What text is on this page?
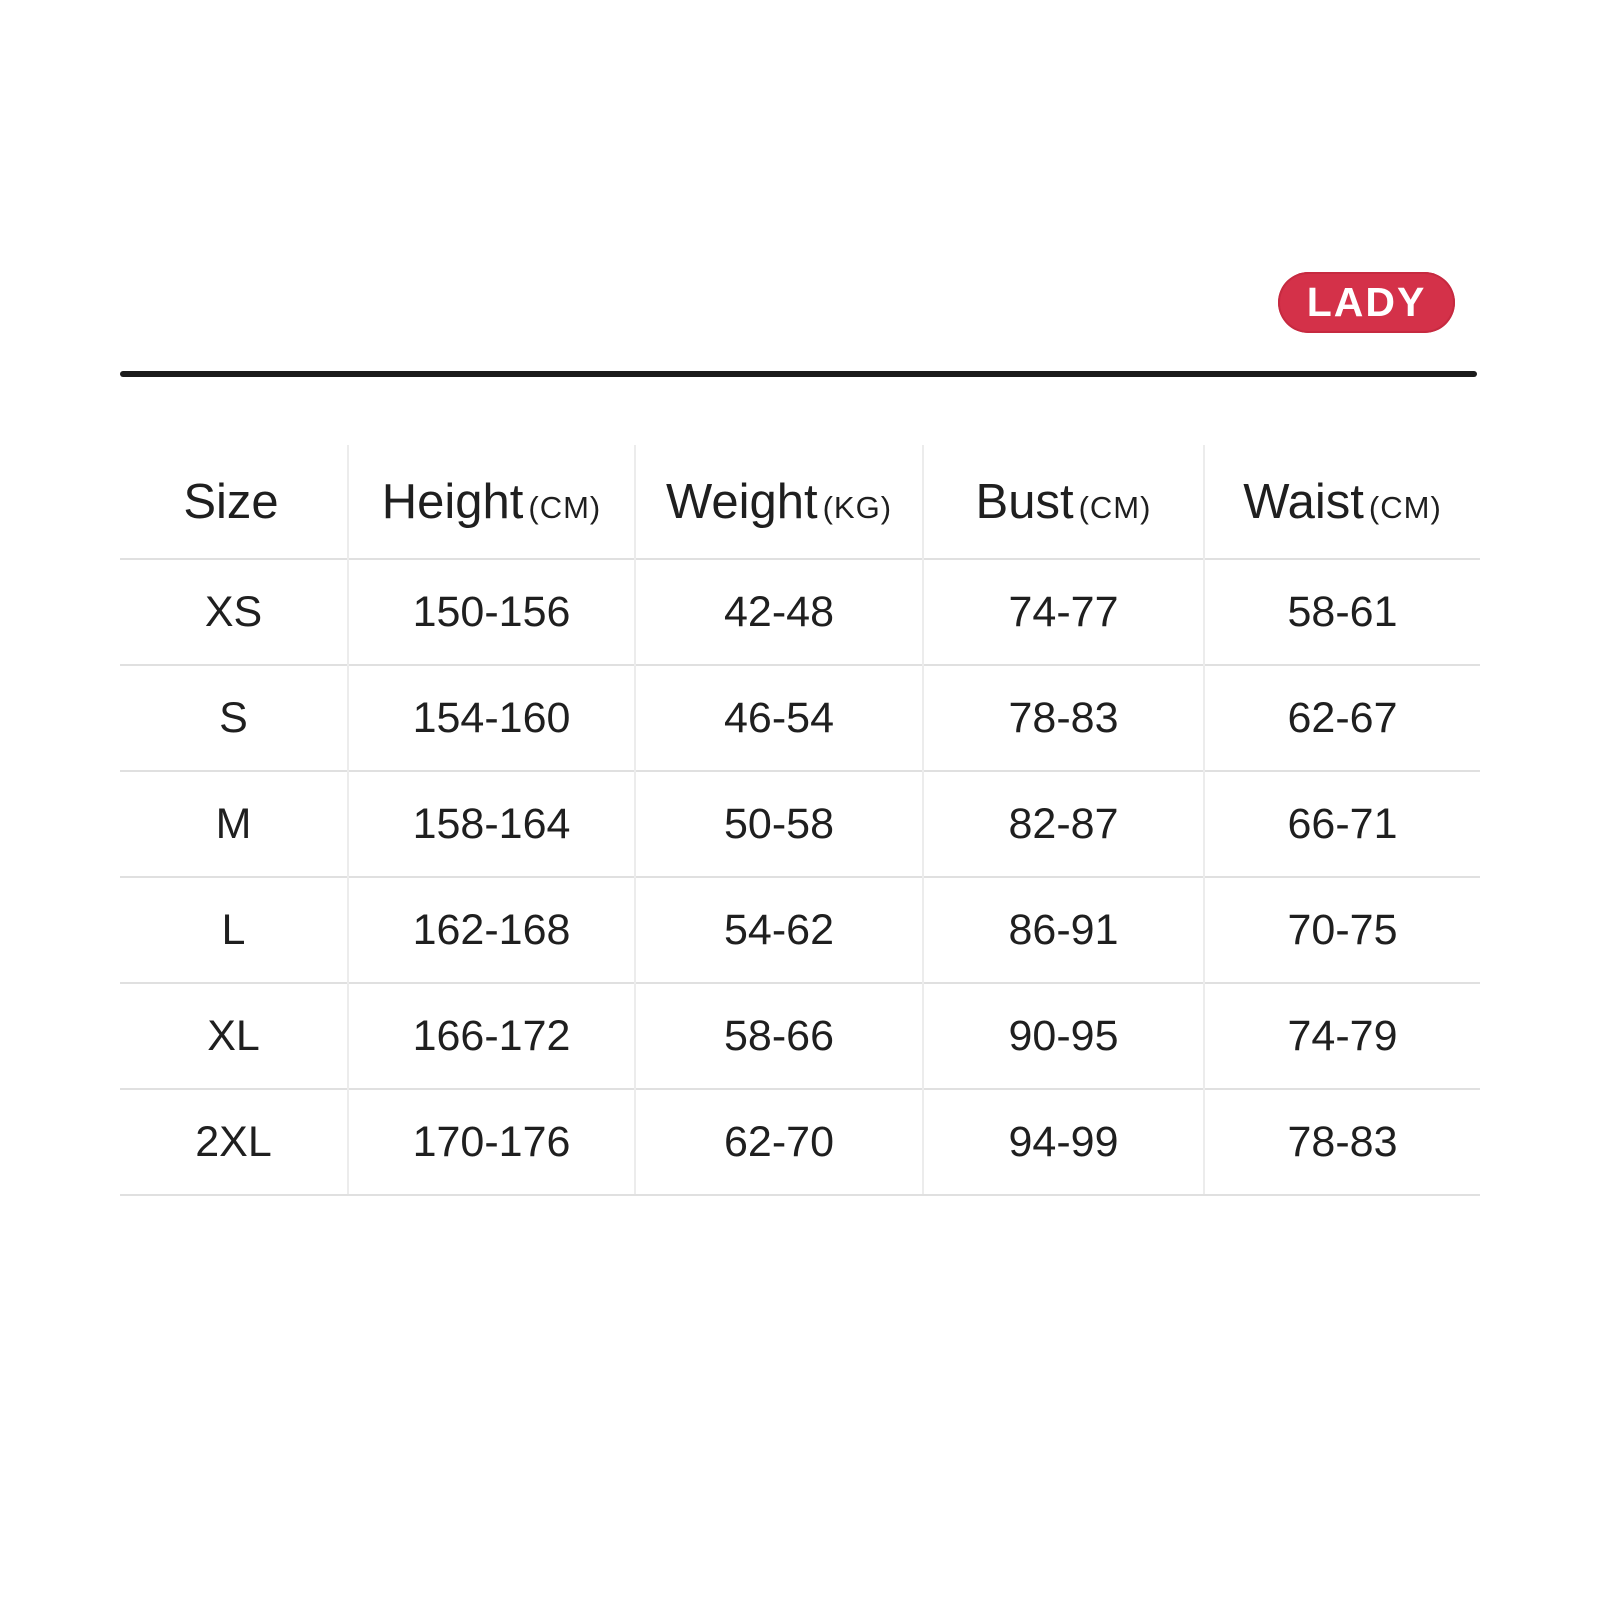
LADY
Size	Height (CM)	Weight (KG)	Bust (CM)	Waist (CM)
XS	150-156	42-48	74-77	58-61
S	154-160	46-54	78-83	62-67
M	158-164	50-58	82-87	66-71
L	162-168	54-62	86-91	70-75
XL	166-172	58-66	90-95	74-79
2XL	170-176	62-70	94-99	78-83
